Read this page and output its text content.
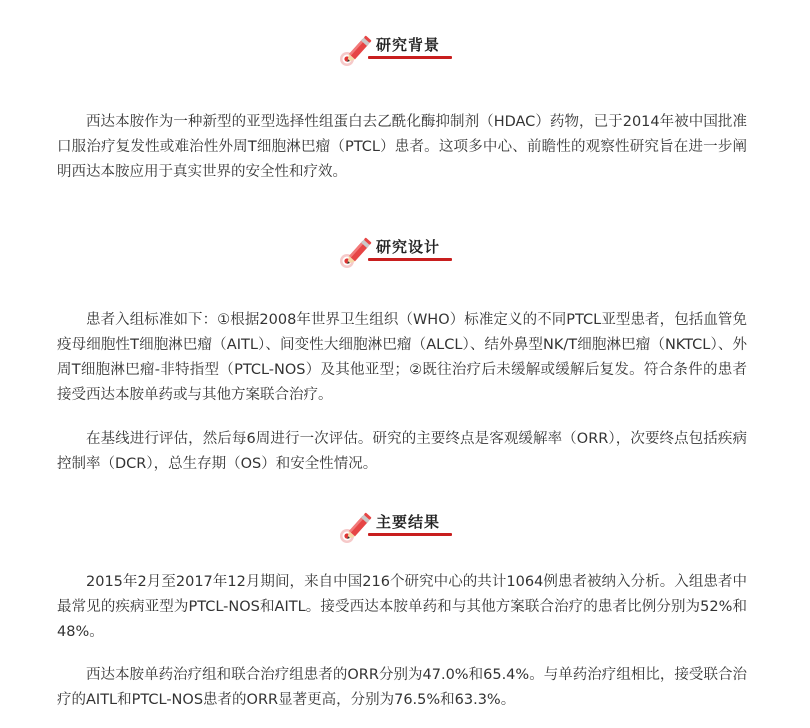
研究背景

西达本胺作为一种新型的亚型选择性组蛋白去乙酰化酶抑制剂（HDAC）药物，已于2014年被中国批准口服治疗复发性或难治性外周T细胞淋巴瘤（PTCL）患者。这项多中心、前瞻性的观察性研究旨在进一步阐明西达本胺应用于真实世界的安全性和疗效。

研究设计

患者入组标准如下：①根据2008年世界卫生组织（WHO）标准定义的不同PTCL亚型患者，包括血管免疫母细胞性T细胞淋巴瘤（AITL）、间变性大细胞淋巴瘤（ALCL）、结外鼻型NK/T细胞淋巴瘤（NKTCL）、外周T细胞淋巴瘤-非特指型（PTCL-NOS）及其他亚型；②既往治疗后未缓解或缓解后复发。符合条件的患者接受西达本胺单药或与其他方案联合治疗。

在基线进行评估，然后每6周进行一次评估。研究的主要终点是客观缓解率（ORR），次要终点包括疾病控制率（DCR），总生存期（OS）和安全性情况。

主要结果

2015年2月至2017年12月期间，来自中国216个研究中心的共计1064例患者被纳入分析。入组患者中最常见的疾病亚型为PTCL-NOS和AITL。接受西达本胺单药和与其他方案联合治疗的患者比例分别为52%和48%。

西达本胺单药治疗组和联合治疗组患者的ORR分别为47.0%和65.4%。与单药治疗组相比，接受联合治疗的AITL和PTCL-NOS患者的ORR显著更高，分别为76.5%和63.3%。
